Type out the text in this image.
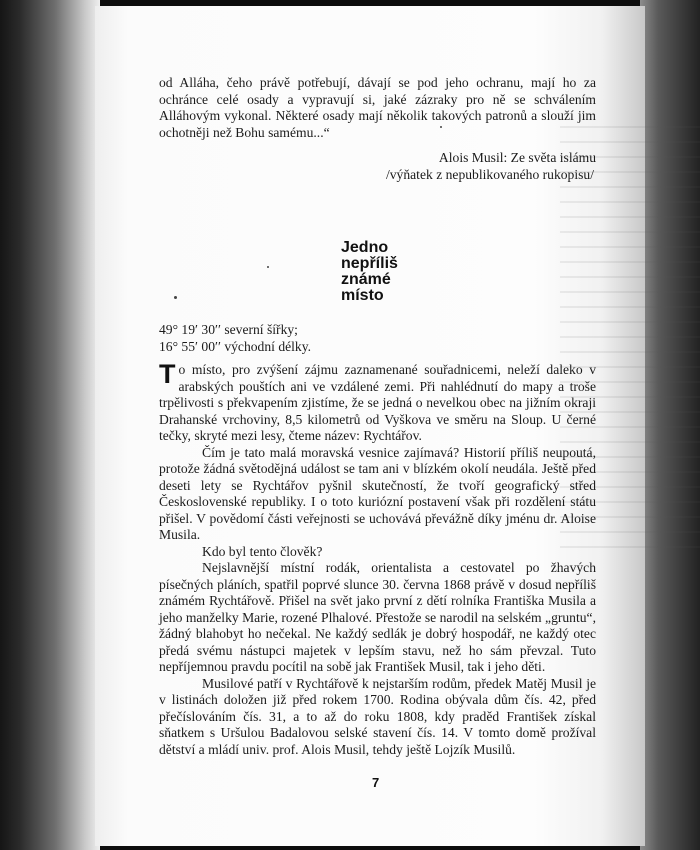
od Alláha, čeho právě potřebují, dávají se pod jeho ochranu, mají ho za ochránce celé osady a vypravují si, jaké zázraky pro ně se schválením Alláhovým vykonal. Některé osady mají několik takových patronů a slouží jim ochotněji než Bohu samému...“

Alois Musil: Ze světa islámu

/výňatek z nepublikovaného rukopisu/

Jedno
nepříliš
známé
místo
49° 19′ 30′′ severní šířky;
16° 55′ 00′′ východní délky.

To místo, pro zvýšení zájmu zaznamenané souřadnicemi, neleží daleko v arabských pouštích ani ve vzdálené zemi. Při nahlédnutí do mapy a troše trpělivosti s překvapením zjistíme, že se jedná o nevelkou obec na jižním okraji Drahanské vrchoviny, 8,5 kilometrů od Vyškova ve směru na Sloup. U černé tečky, skryté mezi lesy, čteme název: Rychtářov.

Čím je tato malá moravská vesnice zajímavá? Historií příliš neupoutá, protože žádná světodějná událost se tam ani v blízkém okolí neudála. Ještě před deseti lety se Rychtářov pyšnil skutečností, že tvoří geografický střed Československé republiky. I o toto kuriózní postavení však při rozdělení státu přišel. V povědomí části veřejnosti se uchovává převážně díky jménu dr. Aloise Musila.

Kdo byl tento člověk?

Nejslavnější místní rodák, orientalista a cestovatel po žhavých písečných pláních, spatřil poprvé slunce 30. června 1868 právě v dosud nepříliš známém Rychtářově. Přišel na svět jako první z dětí rolníka Františka Musila a jeho manželky Marie, rozené Plhalové. Přestože se narodil na selském „gruntu“, žádný blahobyt ho nečekal. Ne každý sedlák je dobrý hospodář, ne každý otec předá svému nástupci majetek v lepším stavu, než ho sám převzal. Tuto nepříjemnou pravdu pocítil na sobě jak František Musil, tak i jeho děti.

Musilové patří v Rychtářově k nejstarším rodům, předek Matěj Musil je v listinách doložen již před rokem 1700. Rodina obývala dům čís. 42, před přečíslováním čís. 31, a to až do roku 1808, kdy praděd František získal sňatkem s Uršulou Badalovou selské stavení čís. 14. V tomto domě prožíval dětství a mládí univ. prof. Alois Musil, tehdy ještě Lojzík Musilů.

7
